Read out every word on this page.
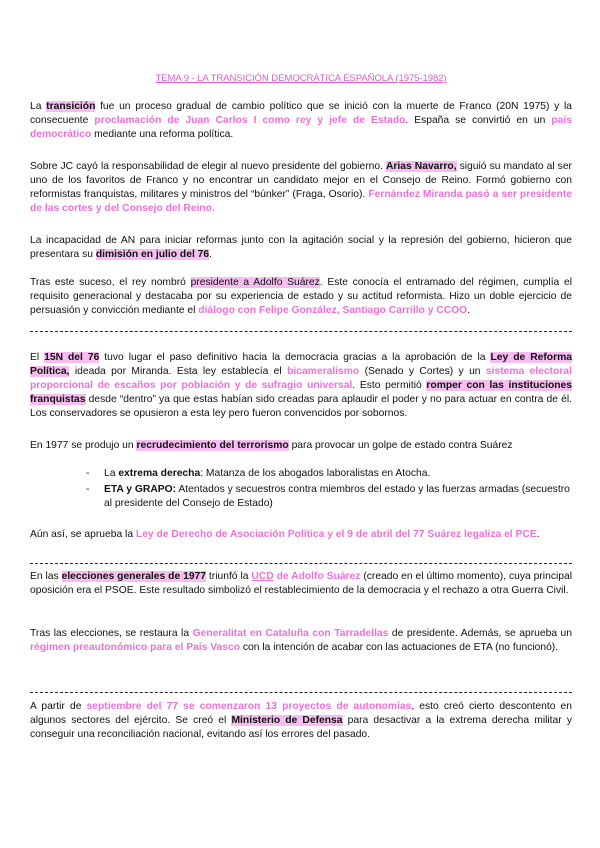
TEMA 9 - LA TRANSICIÓN DEMOCRÁTICA ESPAÑOLA (1975-1982)
La transición fue un proceso gradual de cambio político que se inició con la muerte de Franco (20N 1975) y la consecuente proclamación de Juan Carlos I como rey y jefe de Estado. España se convirtió en un país democrático mediante una reforma política.
Sobre JC cayó la responsabilidad de elegir al nuevo presidente del gobierno. Arias Navarro, siguió su mandato al ser uno de los favoritos de Franco y no encontrar un candidato mejor en el Consejo de Reino. Formó gobierno con reformistas franquistas, militares y ministros del “búnker” (Fraga, Osorio). Fernández Miranda pasó a ser presidente de las cortes y del Consejo del Reino.
La incapacidad de AN para iniciar reformas junto con la agitación social y la represión del gobierno, hicieron que presentara su dimisión en julio del 76.
Tras este suceso, el rey nombró presidente a Adolfo Suárez. Este conocía el entramado del régimen, cumplía el requisito generacional y destacaba por su experiencia de estado y su actitud reformista. Hizo un doble ejercicio de persuasión y convicción mediante el diálogo con Felipe González, Santiago Carrillo y CCOO.
El 15N del 76 tuvo lugar el paso definitivo hacia la democracia gracias a la aprobación de la Ley de Reforma Política, ideada por Miranda. Esta ley establecía el bicameralismo (Senado y Cortes) y un sistema electoral proporcional de escaños por población y de sufragio universal. Esto permitió romper con las instituciones franquistas desde “dentro” ya que estas habían sido creadas para aplaudir el poder y no para actuar en contra de él. Los conservadores se opusieron a esta ley pero fueron convencidos por sobornos.
En 1977 se produjo un recrudecimiento del terrorismo para provocar un golpe de estado contra Suárez
- La extrema derecha: Matanza de los abogados laboralistas en Atocha.
- ETA y GRAPO: Atentados y secuestros contra miembros del estado y las fuerzas armadas (secuestro al presidente del Consejo de Estado)
Aún así, se aprueba la Ley de Derecho de Asociación Política y el 9 de abril del 77 Suárez legaliza el PCE.
En las elecciones generales de 1977 triunfó la UCD de Adolfo Suárez (creado en el último momento), cuya principal oposición era el PSOE. Este resultado simbolizó el restablecimiento de la democracia y el rechazo a otra Guerra Civil.
Tras las elecciones, se restaura la Generalitat en Cataluña con Tarradellas de presidente. Además, se aprueba un régimen preautonómico para el País Vasco con la intención de acabar con las actuaciones de ETA (no funcionó).
A partir de septiembre del 77 se comenzaron 13 proyectos de autonomías, esto creó cierto descontento en algunos sectores del ejército. Se creó el Ministerio de Defensa para desactivar a la extrema derecha militar y conseguir una reconciliación nacional, evitando así los errores del pasado.
